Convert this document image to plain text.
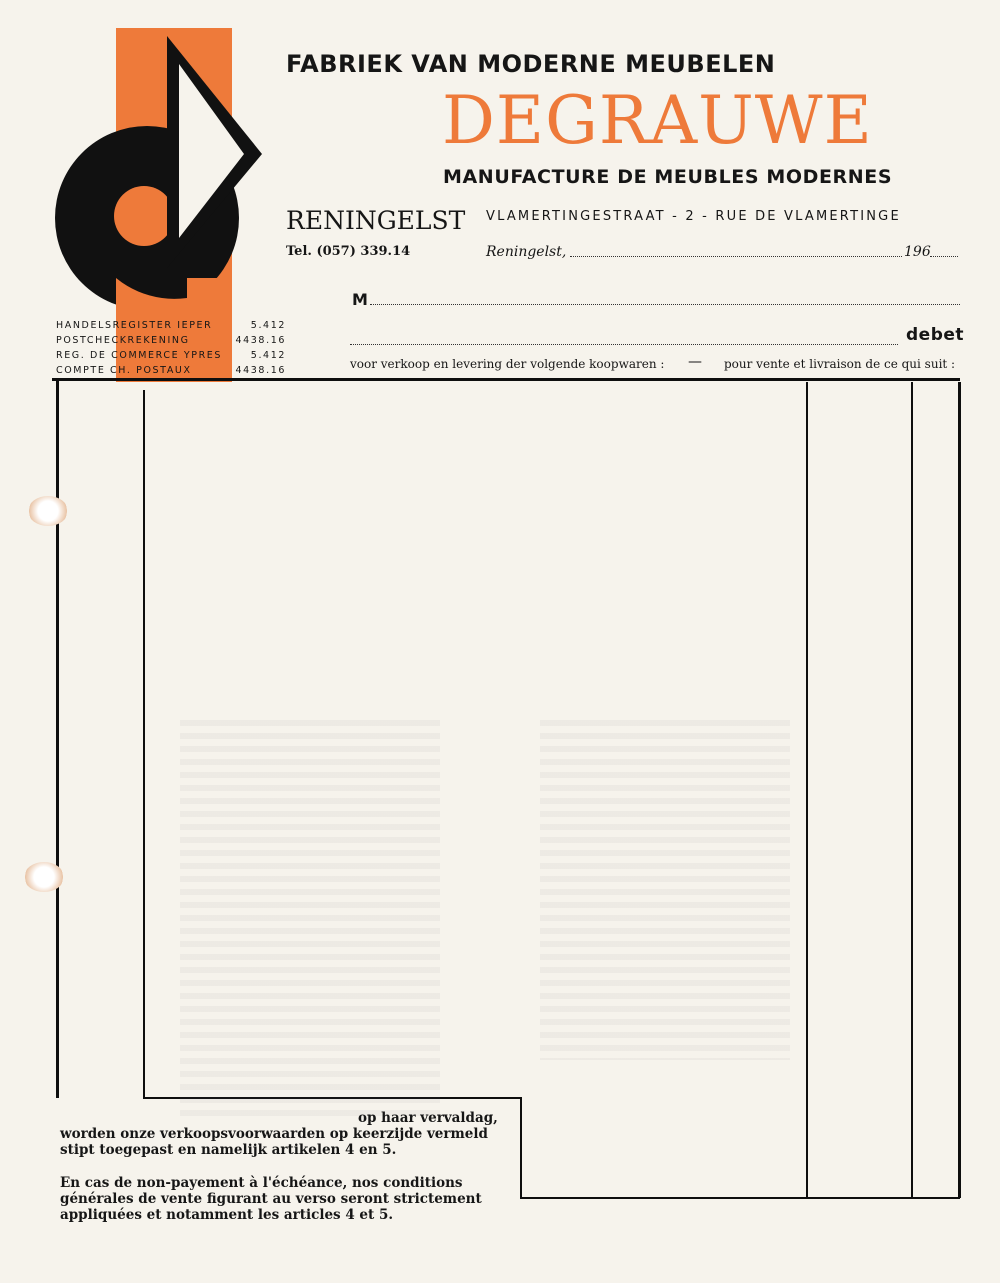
FABRIEK VAN MODERNE MEUBELEN
DEGRAUWE
MANUFACTURE DE MEUBLES MODERNES
RENINGELST
Tel. (057) 339.14
VLAMERTINGESTRAAT - 2 - RUE DE VLAMERTINGE
Reningelst,	196
M
debet
voor verkoop en levering der volgende koopwaren : — pour vente et livraison de ce qui suit :
HANDELSREGISTER IEPER	5.412
POSTCHECKREKENING	4438.16
REG. DE COMMERCE YPRES	5.412
COMPTE CH. POSTAUX	4438.16
op haar vervaldag,
worden onze verkoopsvoorwaarden op keerzijde vermeld
stipt toegepast en namelijk artikelen 4 en 5.
En cas de non-payement à l'échéance, nos conditions
générales de vente figurant au verso seront strictement
appliquées et notamment les articles 4 et 5.
